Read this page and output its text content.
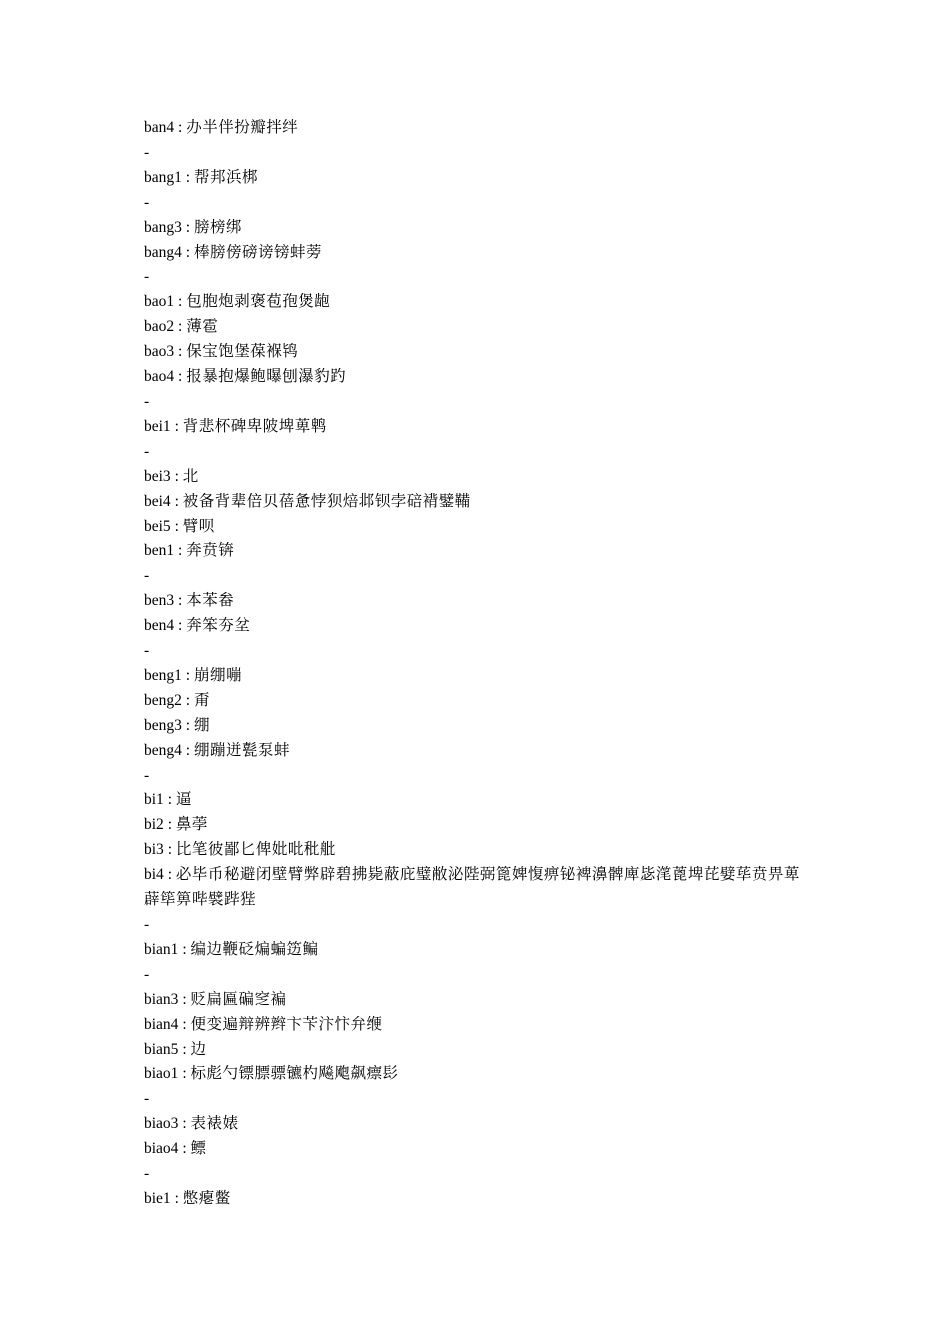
ban4 : 办半伴扮瓣拌绊
-
bang1 : 帮邦浜梆
-
bang3 : 膀榜绑
bang4 : 棒膀傍磅谤镑蚌蒡
-
bao1 : 包胞炮剥褒苞孢煲龅
bao2 : 薄雹
bao3 : 保宝饱堡葆褓鸨
bao4 : 报暴抱爆鲍曝刨瀑豹趵
-
bei1 : 背悲杯碑卑陂埤萆鹎
-
bei3 : 北
bei4 : 被备背辈倍贝蓓惫悖狈焙邶钡孛碚褙鐾鞴
bei5 : 臂呗
ben1 : 奔贲锛
-
ben3 : 本苯畚
ben4 : 奔笨夯坌
-
beng1 : 崩绷嘣
beng2 : 甭
beng3 : 绷
beng4 : 绷蹦迸甏泵蚌
-
bi1 : 逼
bi2 : 鼻荸
bi3 : 比笔彼鄙匕俾妣吡秕舭
bi4 : 必毕币秘避闭壁臂弊辟碧拂毙蔽庇璧敝泌陛弼篦婢愎痹铋裨濞髀庳毖滗蓖埤芘嬖荜贲畀萆薜筚箅哔襞跸狴
-
bian1 : 编边鞭砭煸蝙笾鳊
-
bian3 : 贬扁匾碥窆褊
bian4 : 便变遍辩辨辫卞苄汴忭弁缏
bian5 : 边
biao1 : 标彪勺镖膘骠镳杓飚飑飙瘭髟
-
biao3 : 表裱婊
biao4 : 鳔
-
bie1 : 憋瘪鳖
